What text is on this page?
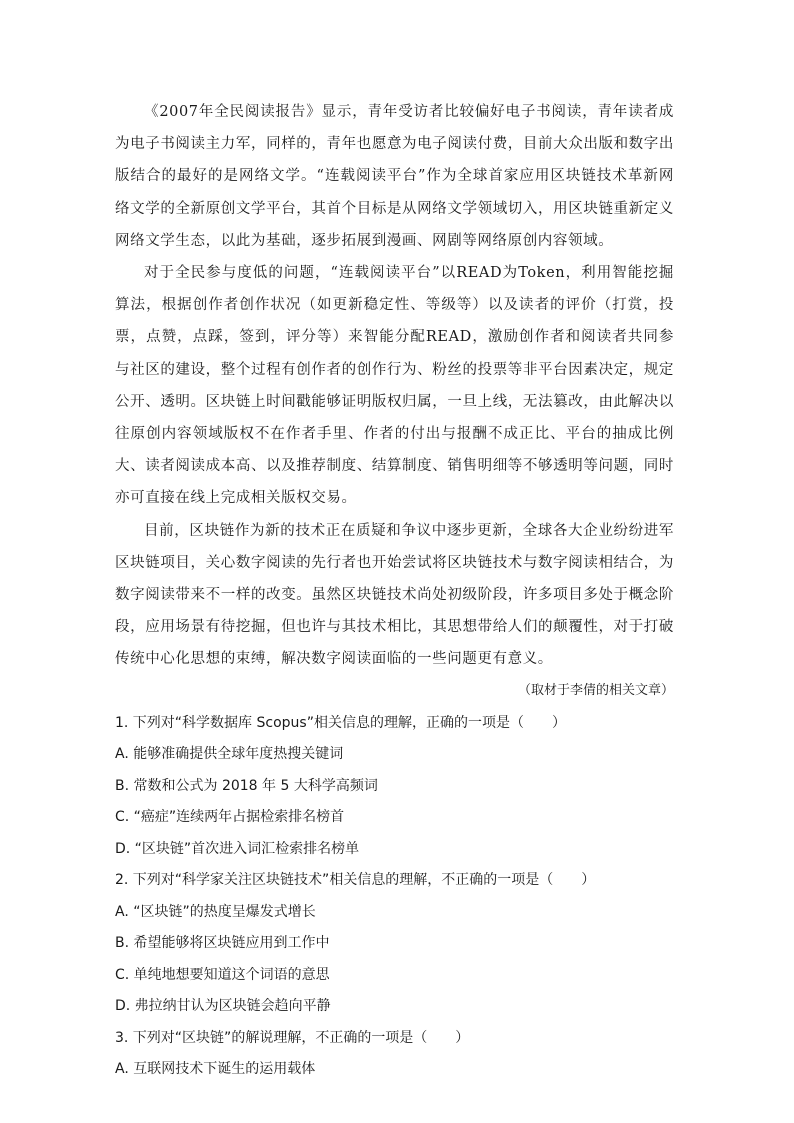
《2007年全民阅读报告》显示，青年受访者比较偏好电子书阅读，青年读者成为电子书阅读主力军，同样的，青年也愿意为电子阅读付费，目前大众出版和数字出版结合的最好的是网络文学。“连载阅读平台”作为全球首家应用区块链技术革新网络文学的全新原创文学平台，其首个目标是从网络文学领域切入，用区块链重新定义网络文学生态，以此为基础，逐步拓展到漫画、网剧等网络原创内容领域。

对于全民参与度低的问题，“连载阅读平台”以READ为Token，利用智能挖掘算法，根据创作者创作状况（如更新稳定性、等级等）以及读者的评价（打赏，投票，点赞，点踩，签到，评分等）来智能分配READ，激励创作者和阅读者共同参与社区的建设，整个过程有创作者的创作行为、粉丝的投票等非平台因素决定，规定公开、透明。区块链上时间戳能够证明版权归属，一旦上线，无法篡改，由此解决以往原创内容领域版权不在作者手里、作者的付出与报酬不成正比、平台的抽成比例大、读者阅读成本高、以及推荐制度、结算制度、销售明细等不够透明等问题，同时亦可直接在线上完成相关版权交易。

目前，区块链作为新的技术正在质疑和争议中逐步更新，全球各大企业纷纷进军区块链项目，关心数字阅读的先行者也开始尝试将区块链技术与数字阅读相结合，为数字阅读带来不一样的改变。虽然区块链技术尚处初级阶段，许多项目多处于概念阶段，应用场景有待挖掘，但也许与其技术相比，其思想带给人们的颠覆性，对于打破传统中心化思想的束缚，解决数字阅读面临的一些问题更有意义。

（取材于李倩的相关文章）

1. 下列对“科学数据库 Scopus”相关信息的理解，正确的一项是（　　）

A. 能够准确提供全球年度热搜关键词

B. 常数和公式为 2018 年 5 大科学高频词

C. “癌症”连续两年占据检索排名榜首

D. “区块链”首次进入词汇检索排名榜单

2. 下列对“科学家关注区块链技术”相关信息的理解，不正确的一项是（　　）

A. “区块链”的热度呈爆发式增长

B. 希望能够将区块链应用到工作中

C. 单纯地想要知道这个词语的意思

D. 弗拉纳甘认为区块链会趋向平静

3. 下列对“区块链”的解说理解，不正确的一项是（　　）

A. 互联网技术下诞生的运用载体
